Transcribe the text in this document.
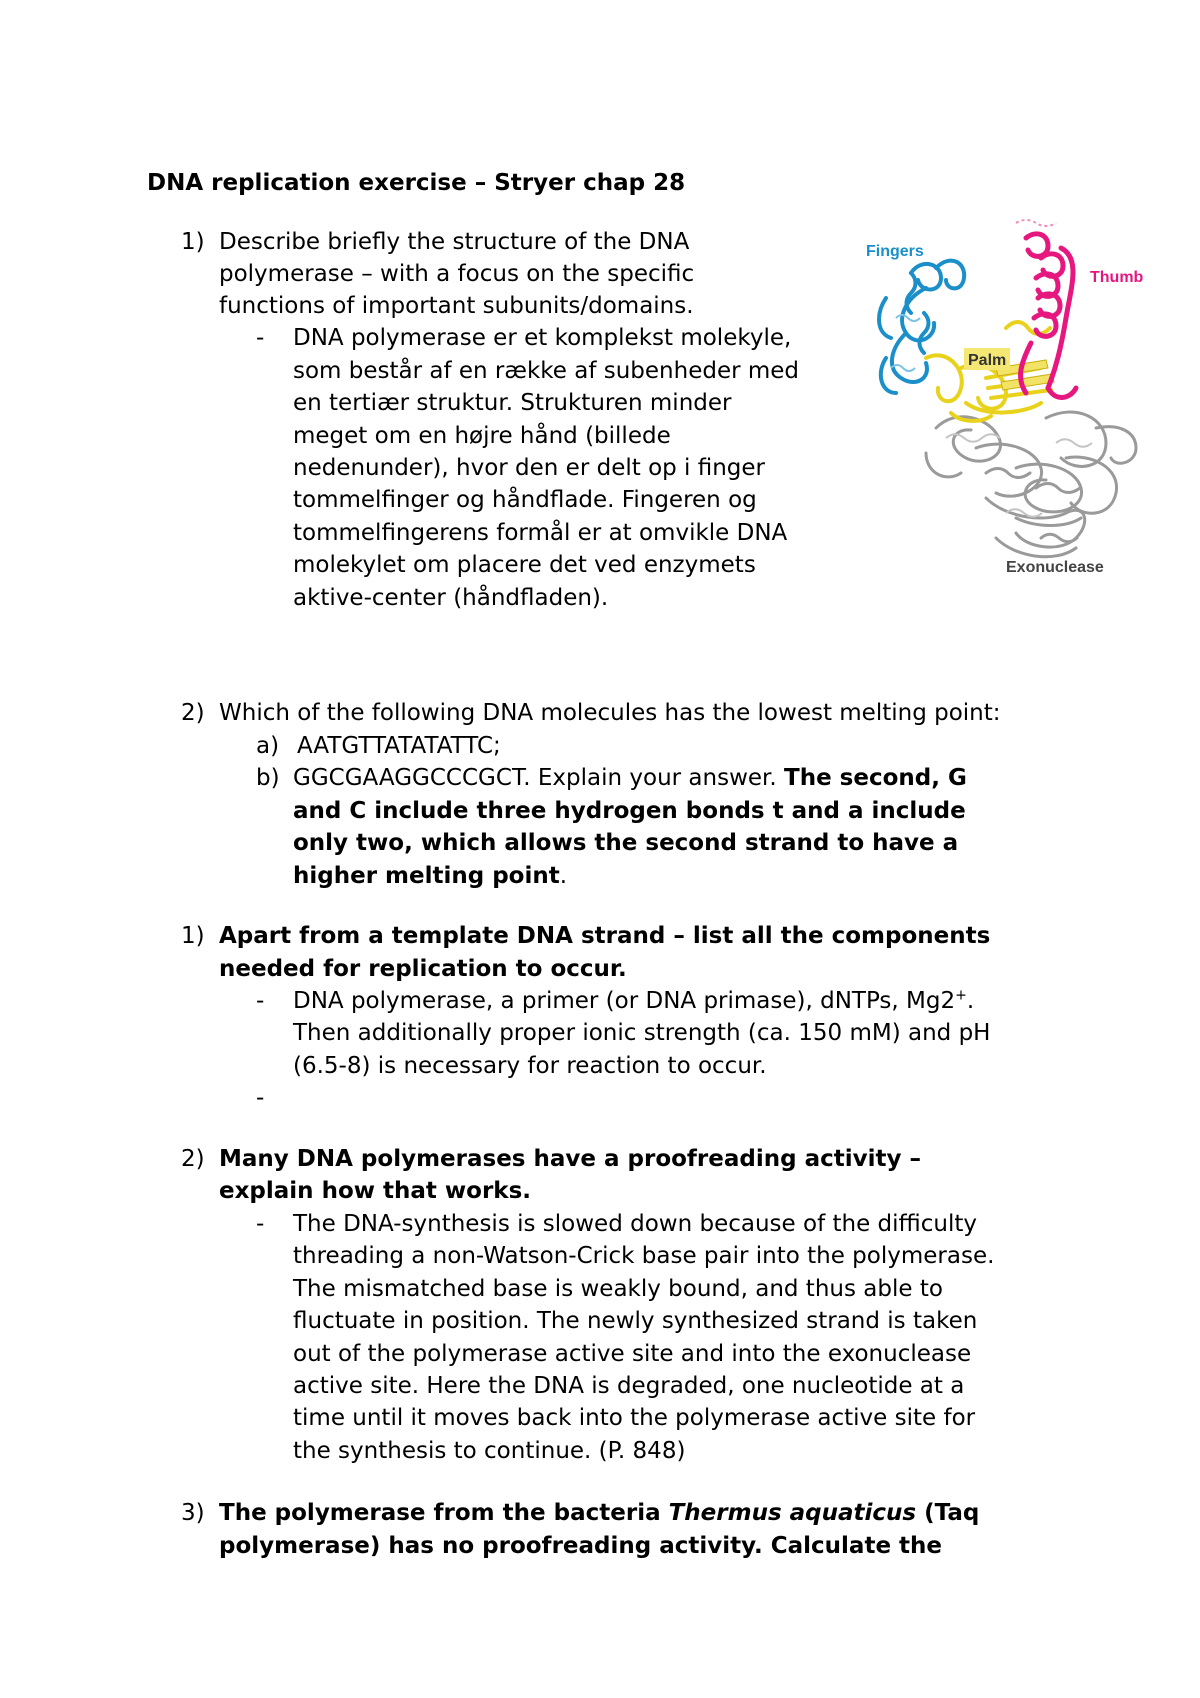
DNA replication exercise – Stryer chap 28
1) Describe briefly the structure of the DNA
polymerase – with a focus on the specific
functions of important subunits/domains.
- DNA polymerase er et komplekst molekyle,
som består af en række af subenheder med
en tertiær struktur. Strukturen minder
meget om en højre hånd (billede
nedenunder), hvor den er delt op i finger
tommelfinger og håndflade. Fingeren og
tommelfingerens formål er at omvikle DNA
molekylet om placere det ved enzymets
aktive-center (håndfladen).
Fingers
Thumb
Palm
Exonuclease
2) Which of the following DNA molecules has the lowest melting point:
a) AATGTTATATATTC;
b) GGCGAAGGCCCGCT. Explain your answer. The second, G
and C include three hydrogen bonds t and a include
only two, which allows the second strand to have a
higher melting point.
1) Apart from a template DNA strand – list all the components
needed for replication to occur.
- DNA polymerase, a primer (or DNA primase), dNTPs, Mg2+.
Then additionally proper ionic strength (ca. 150 mM) and pH
(6.5-8) is necessary for reaction to occur.
-
2) Many DNA polymerases have a proofreading activity –
explain how that works.
- The DNA-synthesis is slowed down because of the difficulty
threading a non-Watson-Crick base pair into the polymerase.
The mismatched base is weakly bound, and thus able to
fluctuate in position. The newly synthesized strand is taken
out of the polymerase active site and into the exonuclease
active site. Here the DNA is degraded, one nucleotide at a
time until it moves back into the polymerase active site for
the synthesis to continue. (P. 848)
3) The polymerase from the bacteria Thermus aquaticus (Taq
polymerase) has no proofreading activity. Calculate the
